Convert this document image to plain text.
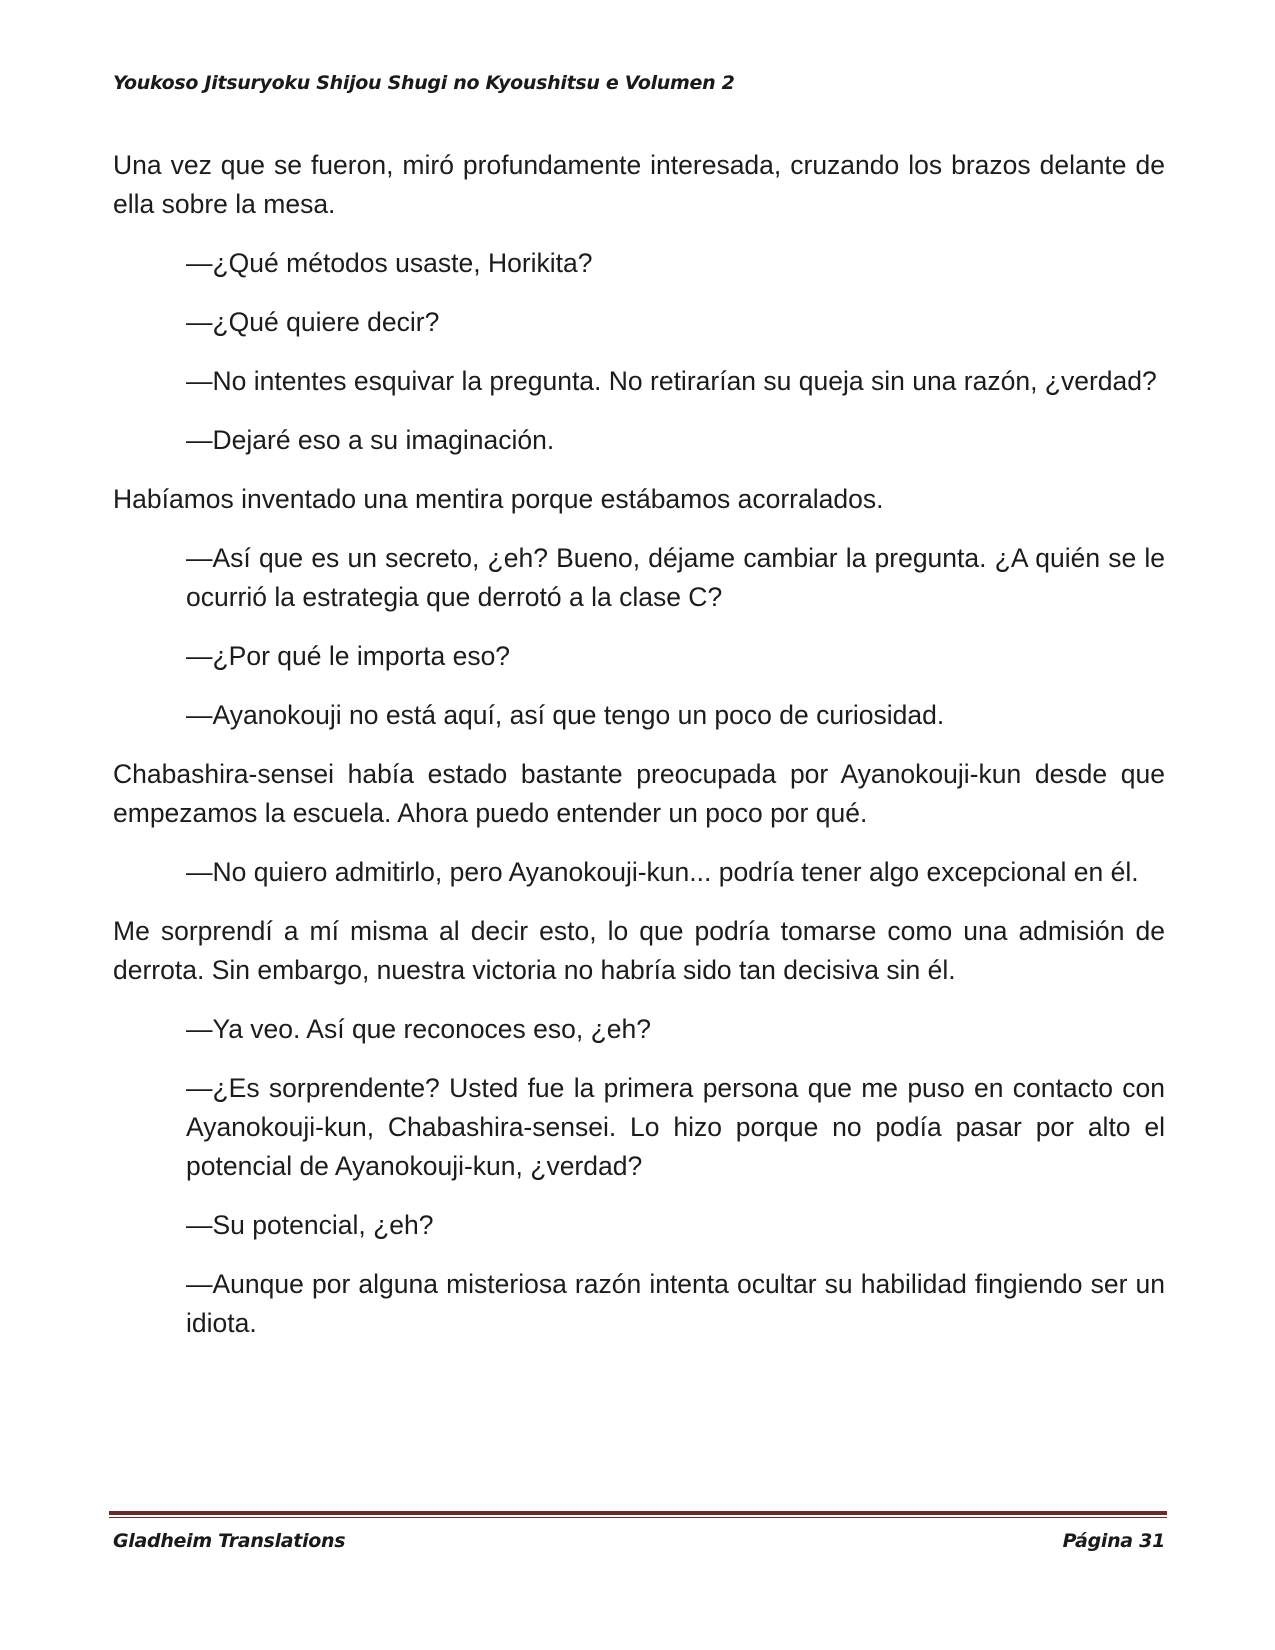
Youkoso Jitsuryoku Shijou Shugi no Kyoushitsu e Volumen 2

Una vez que se fueron, miró profundamente interesada, cruzando los brazos delante de ella sobre la mesa.

—¿Qué métodos usaste, Horikita?

—¿Qué quiere decir?

—No intentes esquivar la pregunta. No retirarían su queja sin una razón, ¿verdad?

—Dejaré eso a su imaginación.

Habíamos inventado una mentira porque estábamos acorralados.

—Así que es un secreto, ¿eh? Bueno, déjame cambiar la pregunta. ¿A quién se le ocurrió la estrategia que derrotó a la clase C?

—¿Por qué le importa eso?

—Ayanokouji no está aquí, así que tengo un poco de curiosidad.

Chabashira-sensei había estado bastante preocupada por Ayanokouji-kun desde que empezamos la escuela. Ahora puedo entender un poco por qué.

—No quiero admitirlo, pero Ayanokouji-kun... podría tener algo excepcional en él.

Me sorprendí a mí misma al decir esto, lo que podría tomarse como una admisión de derrota. Sin embargo, nuestra victoria no habría sido tan decisiva sin él.

—Ya veo. Así que reconoces eso, ¿eh?

—¿Es sorprendente? Usted fue la primera persona que me puso en contacto con Ayanokouji-kun, Chabashira-sensei. Lo hizo porque no podía pasar por alto el potencial de Ayanokouji-kun, ¿verdad?

—Su potencial, ¿eh?

—Aunque por alguna misteriosa razón intenta ocultar su habilidad fingiendo ser un idiota.

Gladheim Translations	Página 31
